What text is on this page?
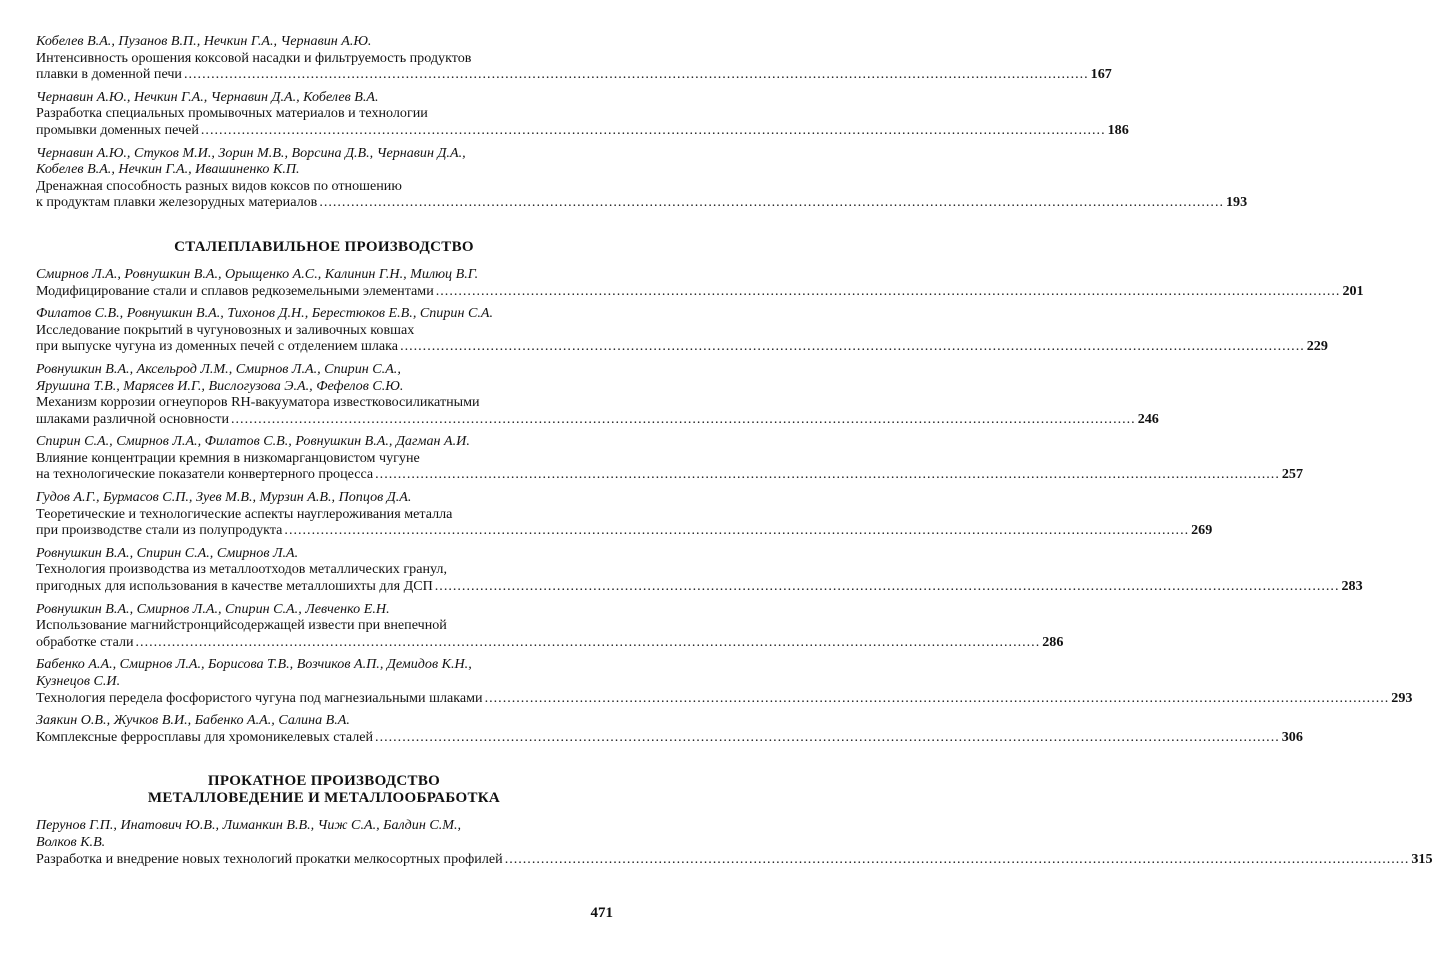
Кобелев В.А., Пузанов В.П., Нечкин Г.А., Чернавин А.Ю.
Интенсивность орошения коксовой насадки и фильтруемость продуктов
плавки в доменной печи ........................................................................................................................................................................................................ 167
Чернавин А.Ю., Нечкин Г.А., Чернавин Д.А., Кобелев В.А.
Разработка специальных промывочных материалов и технологии
промывки доменных печей ........................................................................................................................................................................................................ 186
Чернавин А.Ю., Стуков М.И., Зорин М.В., Ворсина Д.В., Чернавин Д.А.,
Кобелев В.А., Нечкин Г.А., Ивашиненко К.П.
Дренажная способность разных видов коксов по отношению
к продуктам плавки железорудных материалов ........................................................................................................................................................................................................ 193
СТАЛЕПЛАВИЛЬНОЕ ПРОИЗВОДСТВО
Смирнов Л.А., Ровнушкин В.А., Орыщенко А.С., Калинин Г.Н., Милюц В.Г.
Модифицирование стали и сплавов редкоземельными элементами ........................................................................................................................................................................................................ 201
Филатов С.В., Ровнушкин В.А., Тихонов Д.Н., Берестюков Е.В., Спирин С.А.
Исследование покрытий в чугуновозных и заливочных ковшах
при выпуске чугуна из доменных печей с отделением шлака ........................................................................................................................................................................................................ 229
Ровнушкин В.А., Аксельрод Л.М., Смирнов Л.А., Спирин С.А.,
Ярушина Т.В., Марясев И.Г., Вислогузова Э.А., Фефелов С.Ю.
Механизм коррозии огнеупоров RH-вакууматора известковосиликатными
шлаками различной основности ........................................................................................................................................................................................................ 246
Спирин С.А., Смирнов Л.А., Филатов С.В., Ровнушкин В.А., Дагман А.И.
Влияние концентрации кремния в низкомарганцовистом чугуне
на технологические показатели конвертерного процесса ........................................................................................................................................................................................................ 257
Гудов А.Г., Бурмасов С.П., Зуев М.В., Мурзин А.В., Попцов Д.А.
Теоретические и технологические аспекты науглероживания металла
при производстве стали из полупродукта ........................................................................................................................................................................................................ 269
Ровнушкин В.А., Спирин С.А., Смирнов Л.А.
Технология производства из металлоотходов металлических гранул,
пригодных для использования в качестве металлошихты для ДСП ........................................................................................................................................................................................................ 283
Ровнушкин В.А., Смирнов Л.А., Спирин С.А., Левченко Е.Н.
Использование магнийстронцийсодержащей извести при внепечной
обработке стали ........................................................................................................................................................................................................ 286
Бабенко А.А., Смирнов Л.А., Борисова Т.В., Возчиков А.П., Демидов К.Н.,
Кузнецов С.И.
Технология передела фосфористого чугуна под магнезиальными шлаками ........................................................................................................................................................................................................ 293
Заякин О.В., Жучков В.И., Бабенко А.А., Салина В.А.
Комплексные ферросплавы для хромоникелевых сталей ........................................................................................................................................................................................................ 306
ПРОКАТНОЕ ПРОИЗВОДСТВО
МЕТАЛЛОВЕДЕНИЕ И МЕТАЛЛООБРАБОТКА
Перунов Г.П., Инатович Ю.В., Лиманкин В.В., Чиж С.А., Балдин С.М.,
Волков К.В.
Разработка и внедрение новых технологий прокатки мелкосортных профилей ........................................................................................................................................................................................................ 315
471
